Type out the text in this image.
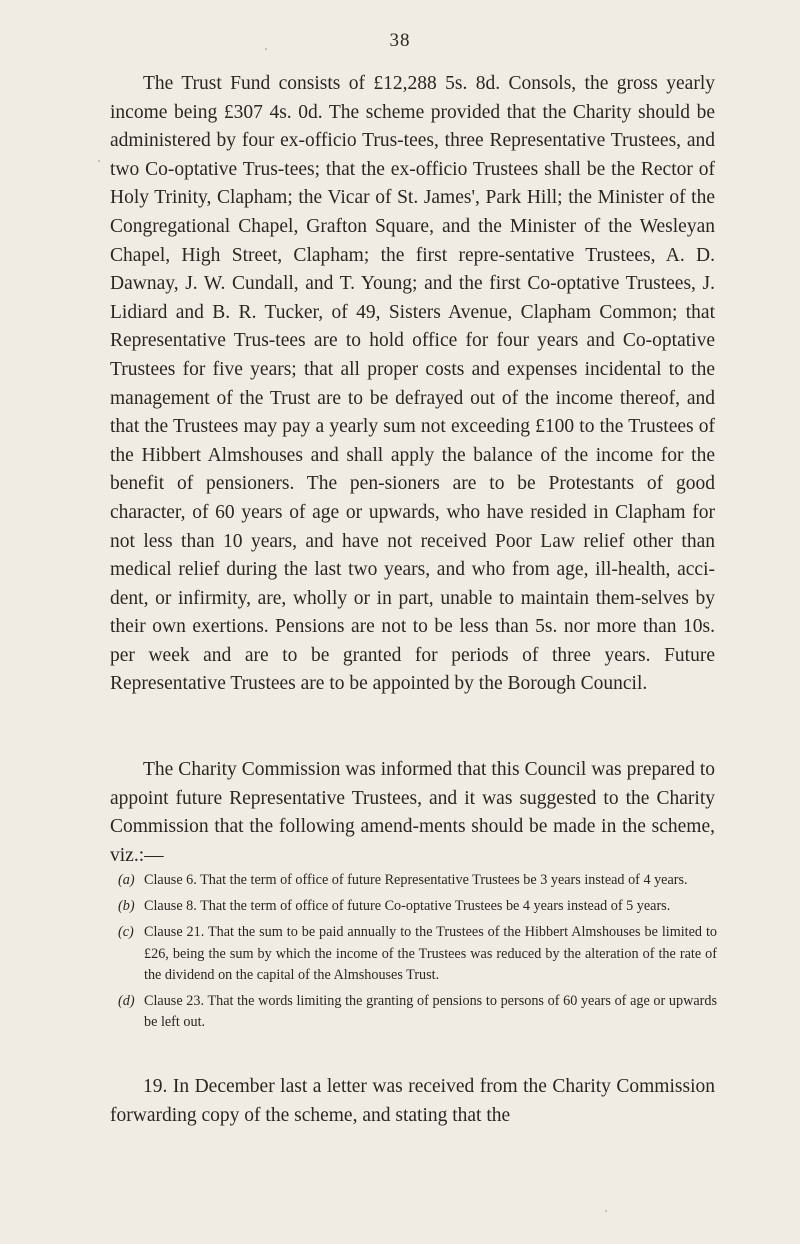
38

The Trust Fund consists of £12,288 5s. 8d. Consols, the gross yearly income being £307 4s. 0d. The scheme provided that the Charity should be administered by four ex-officio Trus-tees, three Representative Trustees, and two Co-optative Trus-tees; that the ex-officio Trustees shall be the Rector of Holy Trinity, Clapham; the Vicar of St. James', Park Hill; the Minister of the Congregational Chapel, Grafton Square, and the Minister of the Wesleyan Chapel, High Street, Clapham; the first repre-sentative Trustees, A. D. Dawnay, J. W. Cundall, and T. Young; and the first Co-optative Trustees, J. Lidiard and B. R. Tucker, of 49, Sisters Avenue, Clapham Common; that Representative Trus-tees are to hold office for four years and Co-optative Trustees for five years; that all proper costs and expenses incidental to the management of the Trust are to be defrayed out of the income thereof, and that the Trustees may pay a yearly sum not exceeding £100 to the Trustees of the Hibbert Almshouses and shall apply the balance of the income for the benefit of pensioners. The pen-sioners are to be Protestants of good character, of 60 years of age or upwards, who have resided in Clapham for not less than 10 years, and have not received Poor Law relief other than medical relief during the last two years, and who from age, ill-health, acci-dent, or infirmity, are, wholly or in part, unable to maintain them-selves by their own exertions. Pensions are not to be less than 5s. nor more than 10s. per week and are to be granted for periods of three years. Future Representative Trustees are to be appointed by the Borough Council.

The Charity Commission was informed that this Council was prepared to appoint future Representative Trustees, and it was suggested to the Charity Commission that the following amend-ments should be made in the scheme, viz.:—

(a) Clause 6. That the term of office of future Representative Trustees be 3 years instead of 4 years.
(b) Clause 8. That the term of office of future Co-optative Trustees be 4 years instead of 5 years.
(c) Clause 21. That the sum to be paid annually to the Trustees of the Hibbert Almshouses be limited to £26, being the sum by which the income of the Trustees was reduced by the alteration of the rate of the dividend on the capital of the Almshouses Trust.
(d) Clause 23. That the words limiting the granting of pensions to persons of 60 years of age or upwards be left out.

19. In December last a letter was received from the Charity Commission forwarding copy of the scheme, and stating that the
